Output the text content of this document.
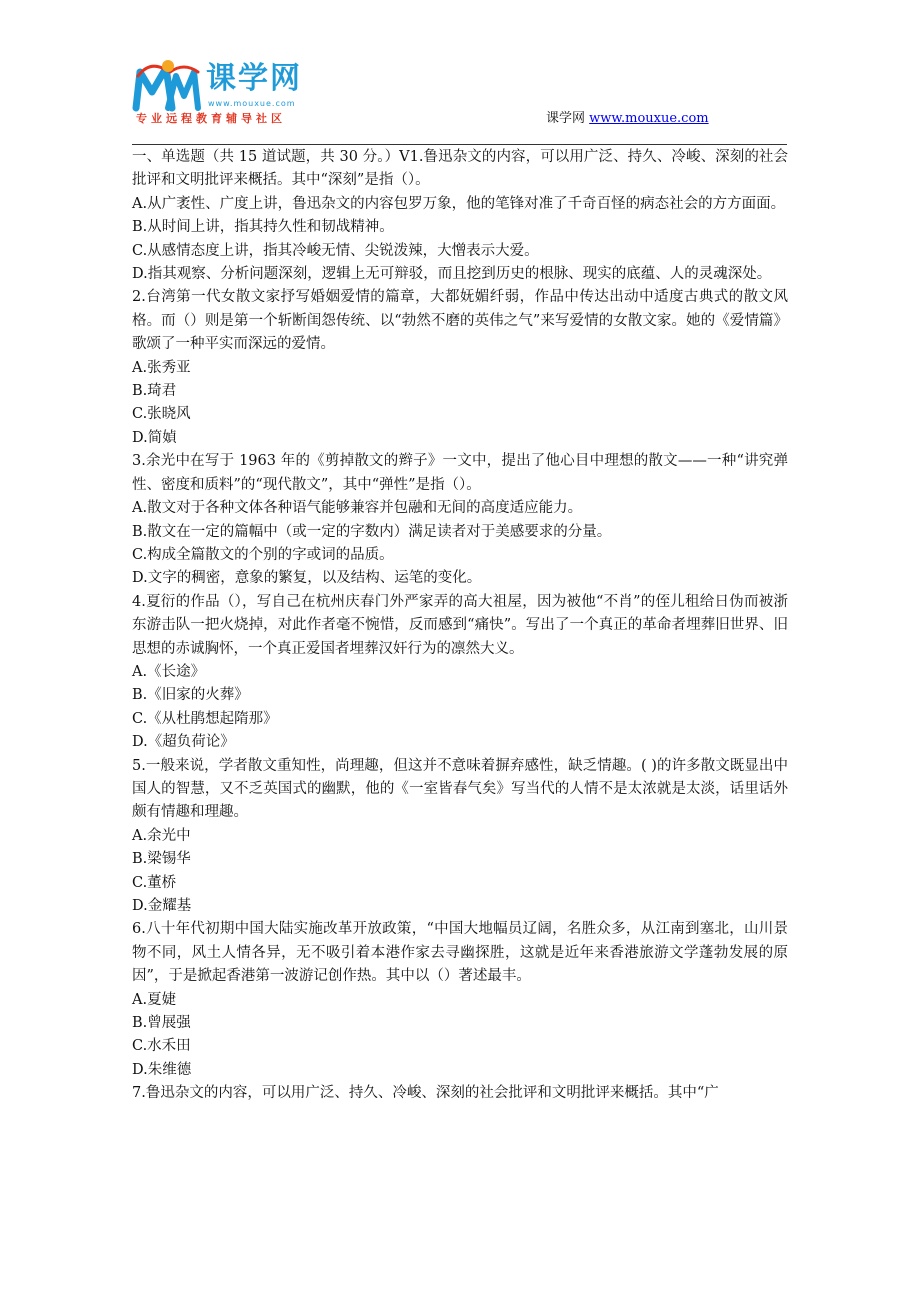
课学网
www.mouxue.com
专业远程教育辅导社区	课学网 www.mouxue.com

一、单选题（共 15 道试题，共 30 分。）V1.鲁迅杂文的内容，可以用广泛、持久、冷峻、深刻的社会批评和文明批评来概括。其中“深刻”是指（）。

A.从广袤性、广度上讲，鲁迅杂文的内容包罗万象，他的笔锋对准了千奇百怪的病态社会的方方面面。

B.从时间上讲，指其持久性和韧战精神。

C.从感情态度上讲，指其冷峻无情、尖锐泼辣，大憎表示大爱。

D.指其观察、分析问题深刻，逻辑上无可辩驳，而且挖到历史的根脉、现实的底蕴、人的灵魂深处。

2.台湾第一代女散文家抒写婚姻爱情的篇章，大都妩媚纤弱，作品中传达出动中适度古典式的散文风格。而（）则是第一个斩断闺怨传统、以“勃然不磨的英伟之气”来写爱情的女散文家。她的《爱情篇》歌颂了一种平实而深远的爱情。

A.张秀亚

B.琦君

C.张晓风

D.简媜

3.余光中在写于 1963 年的《剪掉散文的辫子》一文中，提出了他心目中理想的散文——一种“讲究弹性、密度和质料”的“现代散文”，其中“弹性”是指（）。

A.散文对于各种文体各种语气能够兼容并包融和无间的高度适应能力。

B.散文在一定的篇幅中（或一定的字数内）满足读者对于美感要求的分量。

C.构成全篇散文的个别的字或词的品质。

D.文字的稠密，意象的繁复，以及结构、运笔的变化。

4.夏衍的作品（），写自己在杭州庆春门外严家弄的高大祖屋，因为被他“不肖”的侄儿租给日伪而被浙东游击队一把火烧掉，对此作者毫不惋惜，反而感到“痛快”。写出了一个真正的革命者埋葬旧世界、旧思想的赤诚胸怀，一个真正爱国者埋葬汉奸行为的凛然大义。

A.《长途》

B.《旧家的火葬》

C.《从杜鹃想起隋那》

D.《超负荷论》

5.一般来说，学者散文重知性，尚理趣，但这并不意味着摒弃感性，缺乏情趣。( )的许多散文既显出中国人的智慧，又不乏英国式的幽默，他的《一室皆春气矣》写当代的人情不是太浓就是太淡，话里话外颇有情趣和理趣。

A.余光中

B.梁锡华

C.董桥

D.金耀基

6.八十年代初期中国大陆实施改革开放政策，“中国大地幅员辽阔，名胜众多，从江南到塞北，山川景物不同，风土人情各异，无不吸引着本港作家去寻幽探胜，这就是近年来香港旅游文学蓬勃发展的原因”，于是掀起香港第一波游记创作热。其中以（）著述最丰。

A.夏婕

B.曾展强

C.水禾田

D.朱维德

7.鲁迅杂文的内容，可以用广泛、持久、冷峻、深刻的社会批评和文明批评来概括。其中“广
